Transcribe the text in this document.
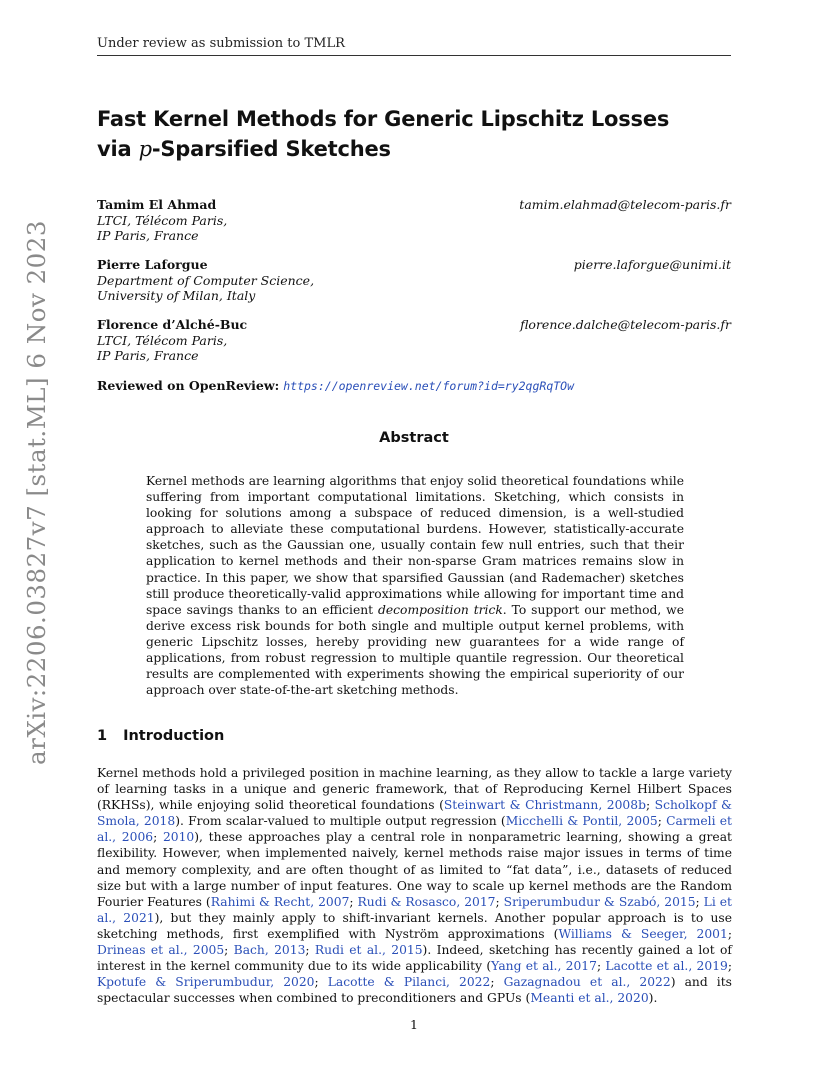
Under review as submission to TMLR
Fast Kernel Methods for Generic Lipschitz Losses
via p-Sparsified Sketches
Tamim El Ahmad	tamim.elahmad@telecom-paris.fr
LTCI, Télécom Paris,
IP Paris, France
Pierre Laforgue	pierre.laforgue@unimi.it
Department of Computer Science,
University of Milan, Italy
Florence d’Alché-Buc	florence.dalche@telecom-paris.fr
LTCI, Télécom Paris,
IP Paris, France
Reviewed on OpenReview: https://openreview.net/forum?id=ry2qgRqTOw
Abstract
Kernel methods are learning algorithms that enjoy solid theoretical foundations while suffering from important computational limitations. Sketching, which consists in looking for solutions among a subspace of reduced dimension, is a well-studied approach to alleviate these computational burdens. However, statistically-accurate sketches, such as the Gaussian one, usually contain few null entries, such that their application to kernel methods and their non-sparse Gram matrices remains slow in practice. In this paper, we show that sparsified Gaussian (and Rademacher) sketches still produce theoretically-valid approximations while allowing for important time and space savings thanks to an efficient decomposition trick. To support our method, we derive excess risk bounds for both single and multiple output kernel problems, with generic Lipschitz losses, hereby providing new guarantees for a wide range of applications, from robust regression to multiple quantile regression. Our theoretical results are complemented with experiments showing the empirical superiority of our approach over state-of-the-art sketching methods.
1 Introduction
Kernel methods hold a privileged position in machine learning, as they allow to tackle a large variety of learning tasks in a unique and generic framework, that of Reproducing Kernel Hilbert Spaces (RKHSs), while enjoying solid theoretical foundations (Steinwart & Christmann, 2008b; Scholkopf & Smola, 2018). From scalar-valued to multiple output regression (Micchelli & Pontil, 2005; Carmeli et al., 2006; 2010), these approaches play a central role in nonparametric learning, showing a great flexibility. However, when implemented naively, kernel methods raise major issues in terms of time and memory complexity, and are often thought of as limited to “fat data”, i.e., datasets of reduced size but with a large number of input features. One way to scale up kernel methods are the Random Fourier Features (Rahimi & Recht, 2007; Rudi & Rosasco, 2017; Sriperumbudur & Szabó, 2015; Li et al., 2021), but they mainly apply to shift-invariant kernels. Another popular approach is to use sketching methods, first exemplified with Nyström approximations (Williams & Seeger, 2001; Drineas et al., 2005; Bach, 2013; Rudi et al., 2015). Indeed, sketching has recently gained a lot of interest in the kernel community due to its wide applicability (Yang et al., 2017; Lacotte et al., 2019; Kpotufe & Sriperumbudur, 2020; Lacotte & Pilanci, 2022; Gazagnadou et al., 2022) and its spectacular successes when combined to preconditioners and GPUs (Meanti et al., 2020).
1
arXiv:2206.03827v7 [stat.ML] 6 Nov 2023
